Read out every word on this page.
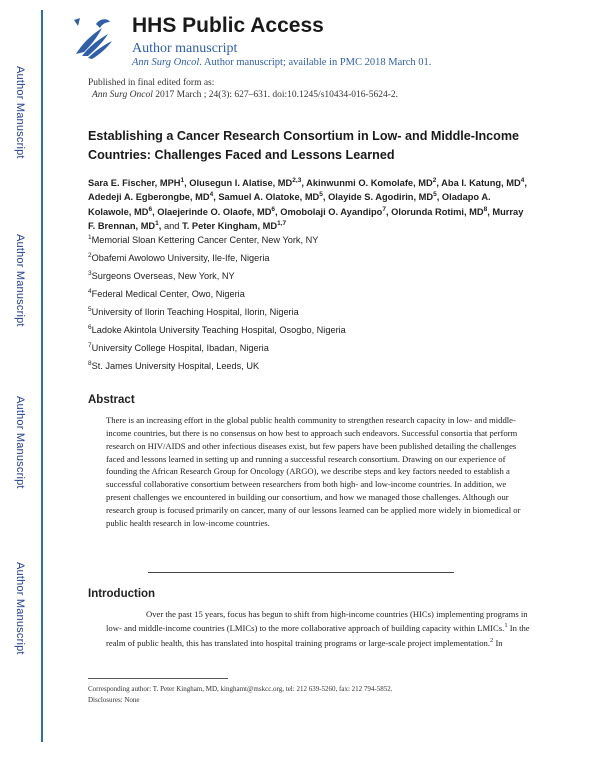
Author Manuscript
Author Manuscript
Author Manuscript
Author Manuscript
HHS Public Access
Author manuscript
Ann Surg Oncol. Author manuscript; available in PMC 2018 March 01.
Published in final edited form as:
Ann Surg Oncol 2017 March ; 24(3): 627–631. doi:10.1245/s10434-016-5624-2.
Establishing a Cancer Research Consortium in Low- and Middle-Income Countries: Challenges Faced and Lessons Learned
Sara E. Fischer, MPH$^1$, Olusegun I. Alatise, MD$^{2,3}$, Akinwunmi O. Komolafe, $MD^2$, Aba I. Katung, $MD^4$, Adedeji A. Egberongbe, $MD^4$, Samuel A. Olatoke, $MD^5$, Olayide S. Agodirin, $MD^5$, Oladapo A. Kolawole, $MD^6$, Olaejerinde O. Olaofe, $MD^6$, Omobolaji O. Ayandipo$^7$, Olorunda Rotimi, $MD^8$, Murray F. Brennan, $MD^1$, and T. Peter Kingham, MD$^{1,7}$
$^1$Memorial Sloan Kettering Cancer Center, New York, NY
$^2$Obafemi Awolowo University, Ile-Ife, Nigeria
$^3$Surgeons Overseas, New York, NY
$^4$Federal Medical Center, Owo, Nigeria
$^5$University of Ilorin Teaching Hospital, Ilorin, Nigeria
$^6$Ladoke Akintola University Teaching Hospital, Osogbo, Nigeria
$^7$University College Hospital, Ibadan, Nigeria
$^8$St. James University Hospital, Leeds, UK
Abstract
There is an increasing effort in the global public health community to strengthen research capacity in low- and middle-income countries, but there is no consensus on how best to approach such endeavors. Successful consortia that perform research on HIV/AIDS and other infectious diseases exist, but few papers have been published detailing the challenges faced and lessons learned in setting up and running a successful research consortium. Drawing on our experience of founding the African Research Group for Oncology (ARGO), we describe steps and key factors needed to establish a successful collaborative consortium between researchers from both high- and low-income countries. In addition, we present challenges we encountered in building our consortium, and how we managed those challenges. Although our research group is focused primarily on cancer, many of our lessons learned can be applied more widely in biomedical or public health research in low-income countries.
Introduction
Over the past 15 years, focus has begun to shift from high-income countries (HICs) implementing programs in low- and middle-income countries (LMICs) to the more collaborative approach of building capacity within LMICs.$^1$ In the realm of public health, this has translated into hospital training programs or large-scale project implementation.$^2$ In
Corresponding author: T. Peter Kingham, MD, kinghamt@mskcc.org, tel: 212 639-5260, fax: 212 794-5852.
Disclosures: None
